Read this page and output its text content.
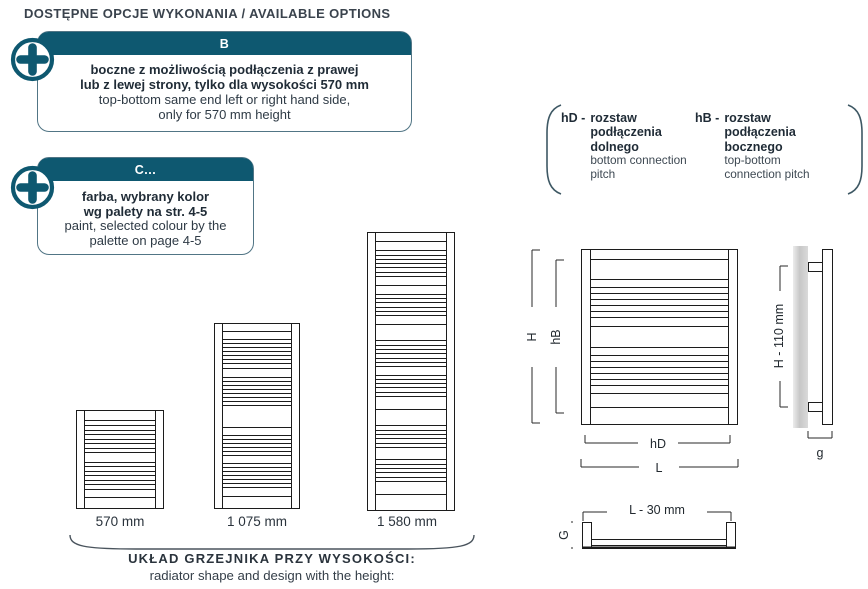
DOSTĘPNE OPCJE WYKONANIA / AVAILABLE OPTIONS
B
boczne z możliwością podłączenia z prawej
lub z lewej strony, tylko dla wysokości 570 mm
top-bottom same end left or right hand side,
only for 570 mm height
C...
farba, wybrany kolor
wg palety na str. 4-5
paint, selected colour by the
palette on page 4-5
hD - rozstaw
podłączenia
dolnego
bottom connection
pitch
hB - rozstaw
podłączenia
bocznego
top-bottom
connection pitch
570 mm	1 075 mm	1 580 mm
UKŁAD GRZEJNIKA PRZY WYSOKOŚCI:
radiator shape and design with the height:
H hB
hD
L
H - 110 mm
g
L - 30 mm
G
